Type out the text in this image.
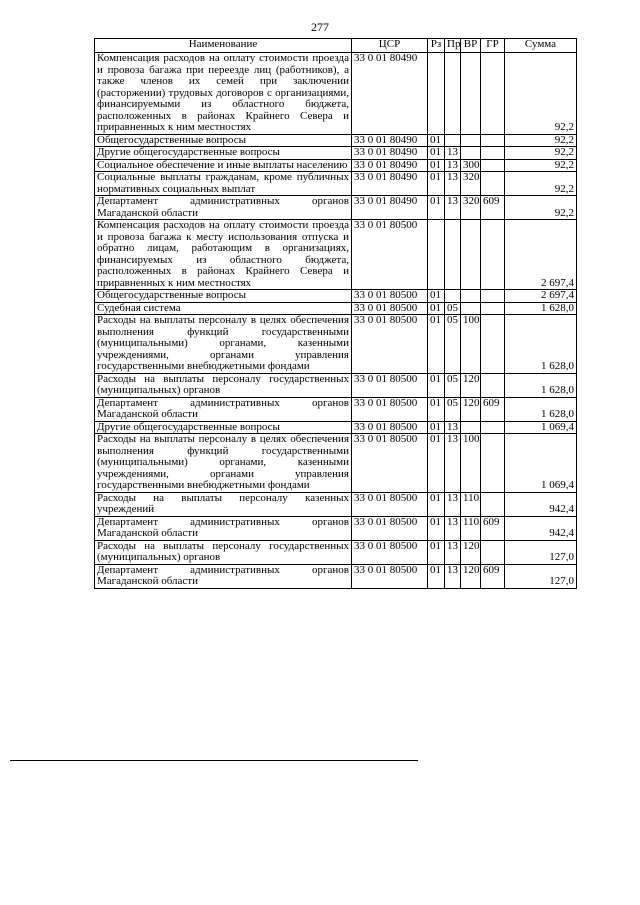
277
Наименование	ЦСР	Рз	Пр	ВР	ГР	Сумма
Компенсация расходов на оплату стоимости проезда и провоза багажа при переезде лиц (работников), а также членов их семей при заключении (расторжении) трудовых договоров с организациями, финансируемыми из областного бюджета, расположенных в районах Крайнего Севера и приравненных к ним местностях	33 0 01 80490					92,2
Общегосударственные вопросы	33 0 01 80490	01				92,2
Другие общегосударственные вопросы	33 0 01 80490	01	13			92,2
Социальное обеспечение и иные выплаты населению	33 0 01 80490	01	13	300		92,2
Социальные выплаты гражданам, кроме публичных нормативных социальных выплат	33 0 01 80490	01	13	320		92,2
Департамент административных органов Магаданской области	33 0 01 80490	01	13	320	609	92,2
Компенсация расходов на оплату стоимости проезда и провоза багажа к месту использования отпуска и обратно лицам, работающим в организациях, финансируемых из областного бюджета, расположенных в районах Крайнего Севера и приравненных к ним местностях	33 0 01 80500					2 697,4
Общегосударственные вопросы	33 0 01 80500	01				2 697,4
Судебная система	33 0 01 80500	01	05			1 628,0
Расходы на выплаты персоналу в целях обеспечения выполнения функций государственными (муниципальными) органами, казенными учреждениями, органами управления государственными внебюджетными фондами	33 0 01 80500	01	05	100		1 628,0
Расходы на выплаты персоналу государственных (муниципальных) органов	33 0 01 80500	01	05	120		1 628,0
Департамент административных органов Магаданской области	33 0 01 80500	01	05	120	609	1 628,0
Другие общегосударственные вопросы	33 0 01 80500	01	13			1 069,4
Расходы на выплаты персоналу в целях обеспечения выполнения функций государственными (муниципальными) органами, казенными учреждениями, органами управления государственными внебюджетными фондами	33 0 01 80500	01	13	100		1 069,4
Расходы на выплаты персоналу казенных учреждений	33 0 01 80500	01	13	110		942,4
Департамент административных органов Магаданской области	33 0 01 80500	01	13	110	609	942,4
Расходы на выплаты персоналу государственных (муниципальных) органов	33 0 01 80500	01	13	120		127,0
Департамент административных органов Магаданской области	33 0 01 80500	01	13	120	609	127,0
